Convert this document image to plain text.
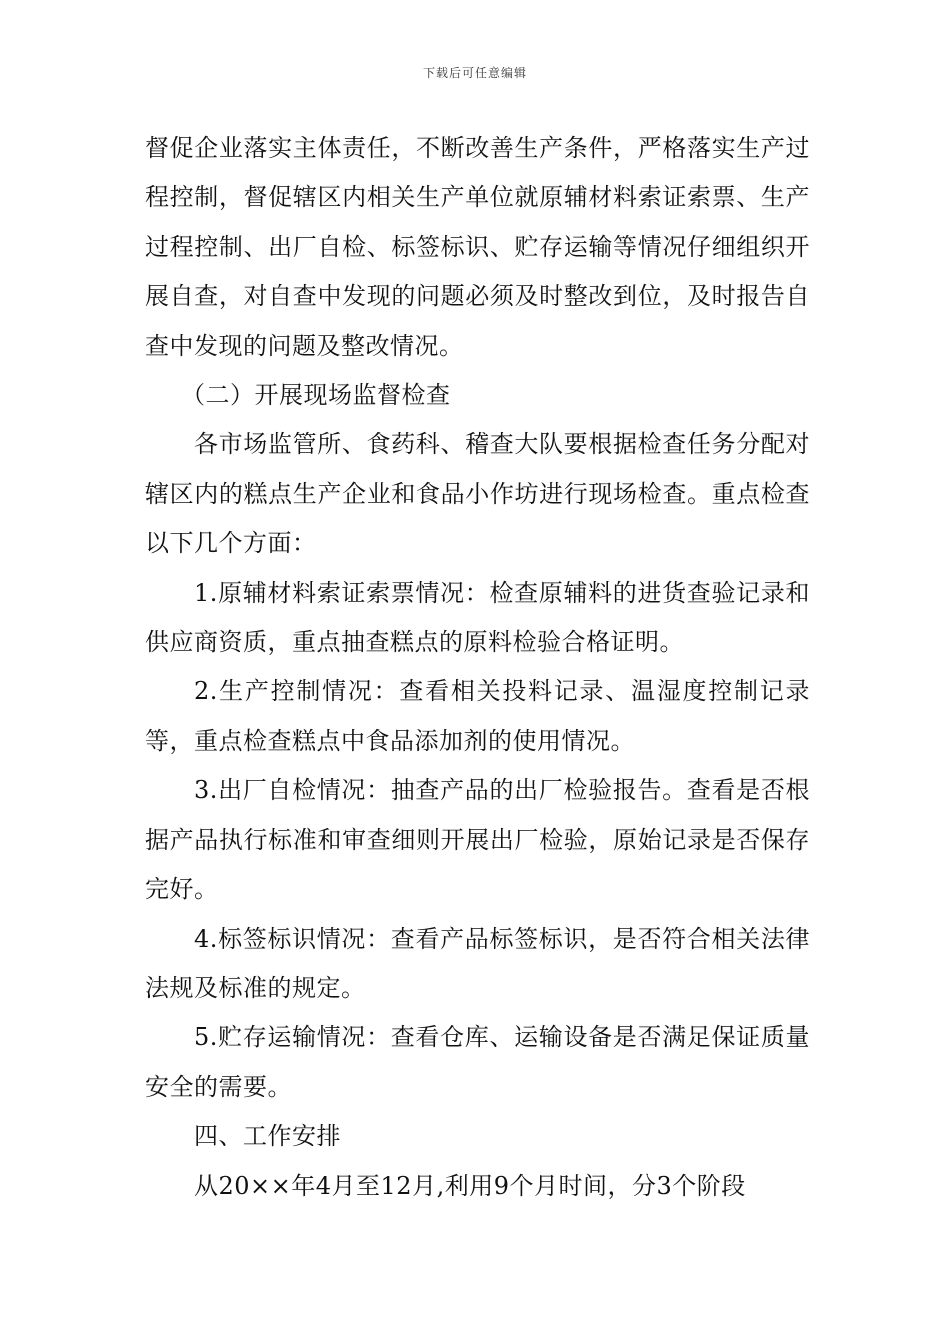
下载后可任意编辑

督促企业落实主体责任，不断改善生产条件，严格落实生产过程控制，督促辖区内相关生产单位就原辅材料索证索票、生产过程控制、出厂自检、标签标识、贮存运输等情况仔细组织开展自查，对自查中发现的问题必须及时整改到位，及时报告自查中发现的问题及整改情况。

（二）开展现场监督检查

各市场监管所、食药科、稽查大队要根据检查任务分配对辖区内的糕点生产企业和食品小作坊进行现场检查。重点检查以下几个方面：

1.原辅材料索证索票情况：检查原辅料的进货查验记录和供应商资质，重点抽查糕点的原料检验合格证明。

2.生产控制情况：查看相关投料记录、温湿度控制记录等，重点检查糕点中食品添加剂的使用情况。

3.出厂自检情况：抽查产品的出厂检验报告。查看是否根据产品执行标准和审查细则开展出厂检验，原始记录是否保存完好。

4.标签标识情况：查看产品标签标识，是否符合相关法律法规及标准的规定。

5.贮存运输情况：查看仓库、运输设备是否满足保证质量安全的需要。

四、工作安排

从20××年4月至12月,利用9个月时间，分3个阶段
